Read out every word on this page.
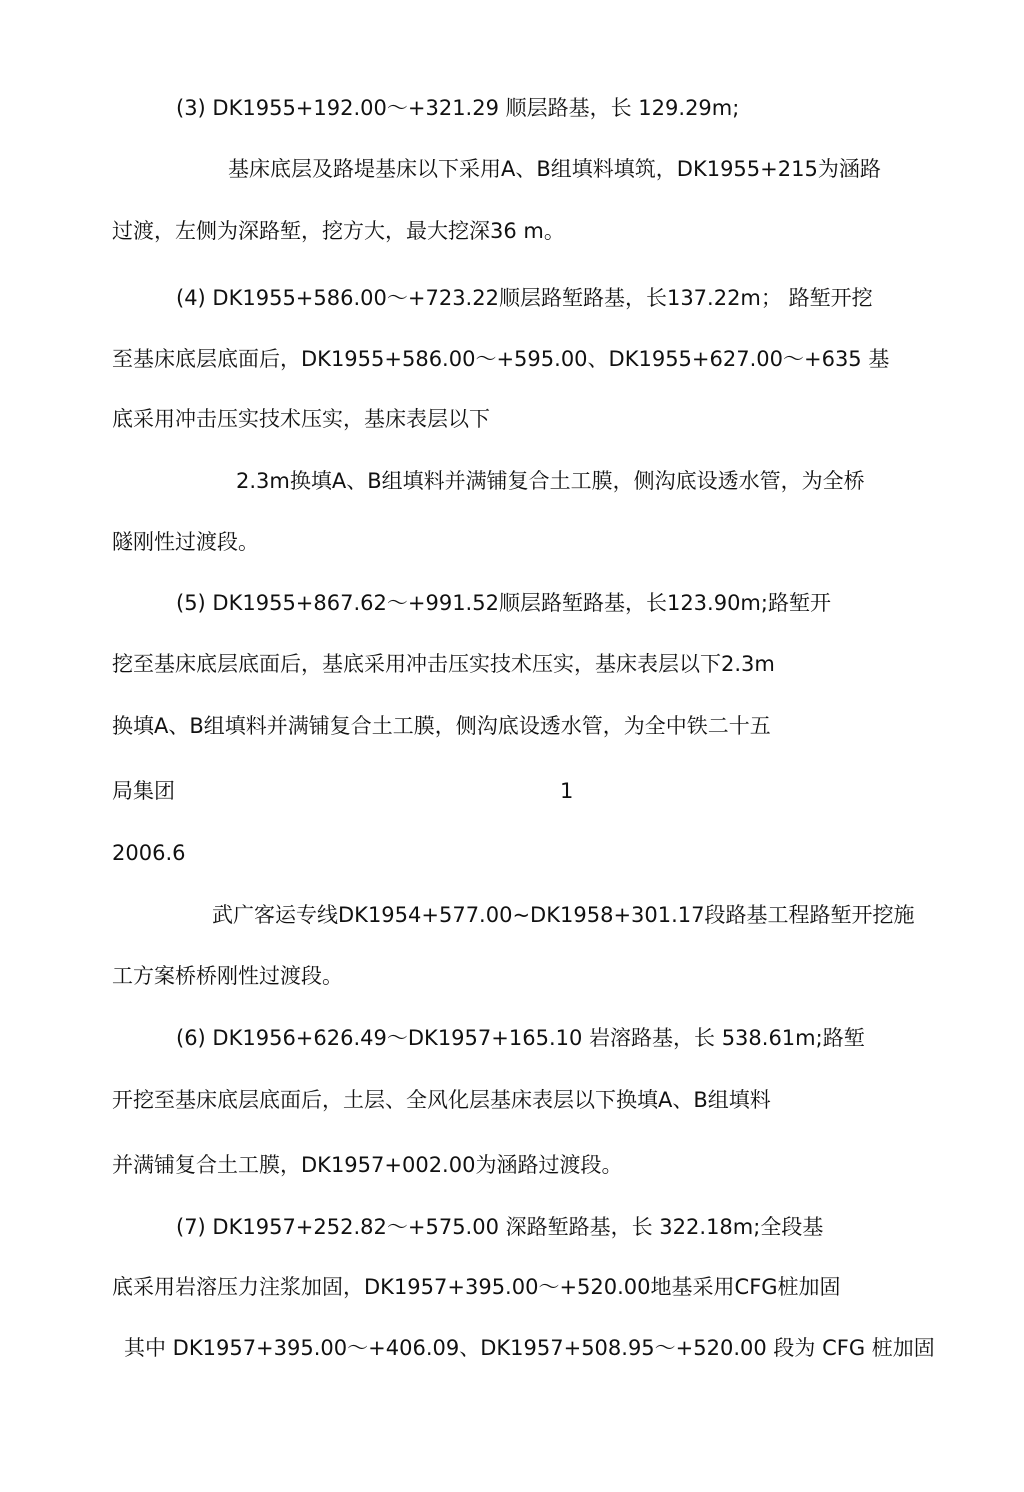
(3) DK1955+192.00～+321.29 顺层路基，长 129.29m;
基床底层及路堤基床以下采用A、B组填料填筑，DK1955+215为涵路
过渡，左侧为深路堑，挖方大，最大挖深36 m。
(4) DK1955+586.00～+723.22顺层路堑路基，长137.22m； 路堑开挖
至基床底层底面后，DK1955+586.00～+595.00、DK1955+627.00～+635 基
底采用冲击压实技术压实，基床表层以下
2.3m换填A、B组填料并满铺复合土工膜，侧沟底设透水管，为全桥
隧刚性过渡段。
(5) DK1955+867.62～+991.52顺层路堑路基，长123.90m;路堑开
挖至基床底层底面后，基底采用冲击压实技术压实，基床表层以下2.3m
换填A、B组填料并满铺复合土工膜，侧沟底设透水管，为全中铁二十五
局集团	1
2006.6
武广客运专线DK1954+577.00~DK1958+301.17段路基工程路堑开挖施
工方案桥桥刚性过渡段。
(6) DK1956+626.49～DK1957+165.10 岩溶路基，长 538.61m;路堑
开挖至基床底层底面后，土层、全风化层基床表层以下换填A、B组填料
并满铺复合土工膜，DK1957+002.00为涵路过渡段。
(7) DK1957+252.82～+575.00 深路堑路基，长 322.18m;全段基
底采用岩溶压力注浆加固，DK1957+395.00～+520.00地基采用CFG桩加固
其中 DK1957+395.00～+406.09、DK1957+508.95～+520.00 段为 CFG 桩加固
